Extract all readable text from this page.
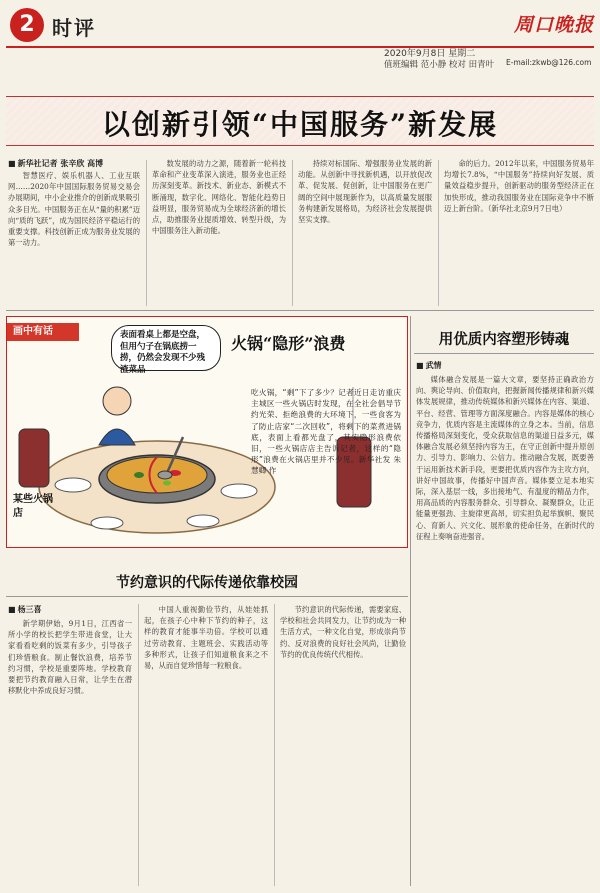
2 时评
2020年9月8日 星期二
值班编辑 范小静 校对 田青叶
周口晚报
E-mail:zkwb@126.com
以创新引领“中国服务”新发展
■ 新华社记者 张辛欣 高博

智慧医疗、娱乐机器人、工业互联网……2020年中国国际服务贸易交易会办展期间，中小企业推介的创新成果吸引众多目光。中国服务正在从“量的积累”迈向“质的飞跃”，成为国民经济平稳运行的重要支撑。科技创新正成为服务业发展的第一动力。

数发展的动力之源，随着新一轮科技革命和产业变革深入演进，服务业也正经历深刻变革。新技术、新业态、新模式不断涌现，数字化、网络化、智能化趋势日益明显，服务贸易成为全球经济新的增长点，助推服务业提质增效、转型升级，为中国服务注入新动能。

持续对标国际、增强服务业发展的新动能。从创新中寻找新机遇，以开放促改革、促发展、促创新，让中国服务在更广阔的空间中展现新作为，以高质量发展服务构建新发展格局，为经济社会发展提供坚实支撑。

命的后力。2012年以来，中国服务贸易年均增长7.8%，“中国服务”持续向好发展、质量效益稳步提升，创新驱动的服务型经济正在加快形成，推动我国服务业在国际竞争中不断迈上新台阶。（新华社北京9月7日电）

画中有话	表面看桌上都是空盘，但用勺子在锅底捞一捞，仍然会发现不少残渣菜品
火锅“隐形”浪费
某些火锅店
吃火锅，“剩”下了多少？记者近日走访重庆主城区一些火锅店时发现，在全社会倡导节约光荣、拒绝浪费的大环境下，一些食客为了防止店家“二次回收”，将剩下的菜煮进锅底，表面上看都光盘了，其实隐形浪费依旧，一些火锅店店主告诉记者，这样的“隐形”浪费在火锅店里并不少见。新华社发 朱慧卿 作
用优质内容塑形铸魂
■ 武情

媒体融合发展是一篇大文章，要坚持正确政治方向、舆论导向、价值取向，把握新闻传播规律和新兴媒体发展规律，推动传统媒体和新兴媒体在内容、渠道、平台、经营、管理等方面深度融合。内容是媒体的核心竞争力，优质内容是主流媒体的立身之本。当前，信息传播格局深刻变化，受众获取信息的渠道日益多元，媒体融合发展必须坚持内容为王，在守正创新中提升原创力、引导力、影响力、公信力。推动融合发展，既要善于运用新技术新手段，更要把优质内容作为主攻方向，讲好中国故事，传播好中国声音。媒体要立足本地实际，深入基层一线，多出接地气、有温度的精品力作，用高品质的内容服务群众、引导群众、凝聚群众，让正能量更强劲、主旋律更高昂，切实担负起举旗帜、聚民心、育新人、兴文化、展形象的使命任务，在新时代的征程上奏响奋进强音。

节约意识的代际传递依靠校园
■ 杨三喜

新学期伊始，9月1日，江西省一所小学的校长把学生带进食堂，让大家看看吃剩的饭菜有多少，引导孩子们珍惜粮食。制止餐饮浪费，培养节约习惯，学校是重要阵地。学校教育要把节约教育融入日常，让学生在潜移默化中养成良好习惯。

中国人重视勤俭节约，从娃娃抓起，在孩子心中种下节约的种子，这样的教育才能事半功倍。学校可以通过劳动教育、主题班会、实践活动等多种形式，让孩子们知道粮食来之不易，从而自觉珍惜每一粒粮食。

节约意识的代际传递，需要家庭、学校和社会共同发力，让节约成为一种生活方式，一种文化自觉，形成崇尚节约、反对浪费的良好社会风尚，让勤俭节约的优良传统代代相传。
